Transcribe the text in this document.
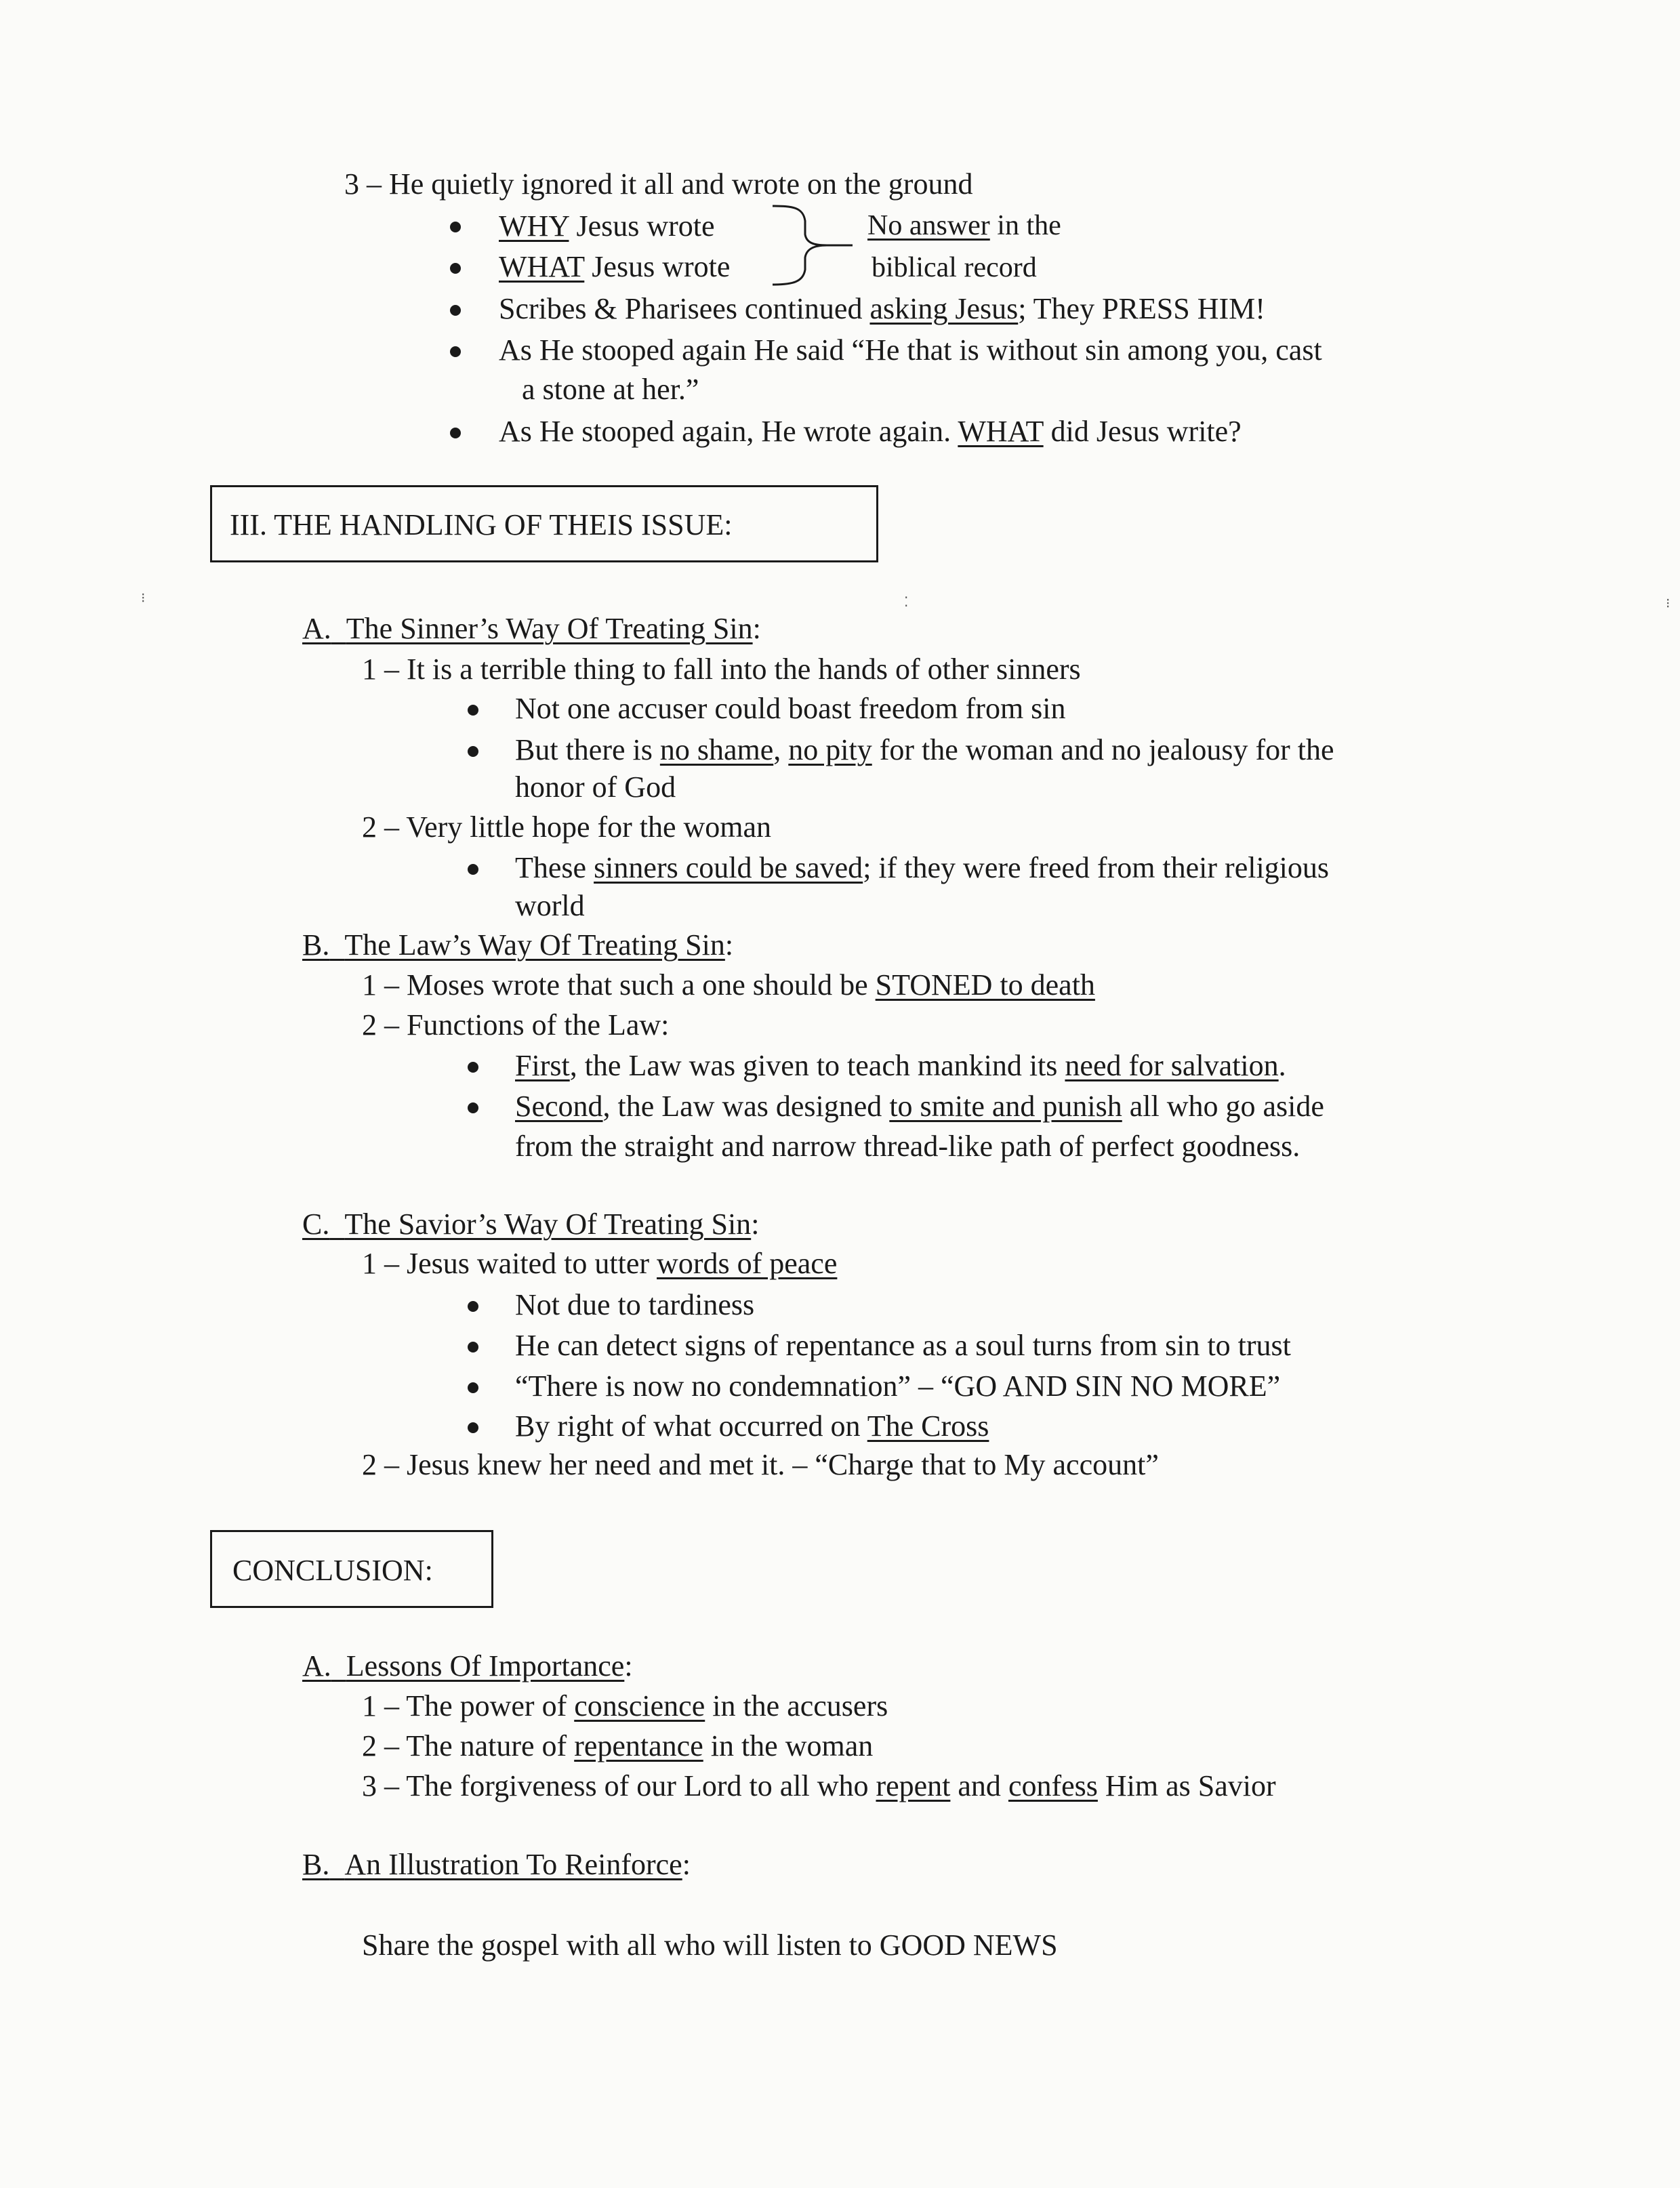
3 – He quietly ignored it all and wrote on the ground
WHY Jesus wrote
WHAT Jesus wrote
No answer in the
biblical record
Scribes & Pharisees continued asking Jesus; They PRESS HIM!
As He stooped again He said “He that is without sin among you, cast
a stone at her.”
As He stooped again, He wrote again. WHAT did Jesus write?
III. THE HANDLING OF THEIS ISSUE:
A. The Sinner’s Way Of Treating Sin:
1 – It is a terrible thing to fall into the hands of other sinners
Not one accuser could boast freedom from sin
But there is no shame, no pity for the woman and no jealousy for the
honor of God
2 – Very little hope for the woman
These sinners could be saved; if they were freed from their religious
world
B. The Law’s Way Of Treating Sin:
1 – Moses wrote that such a one should be STONED to death
2 – Functions of the Law:
First, the Law was given to teach mankind its need for salvation.
Second, the Law was designed to smite and punish all who go aside
from the straight and narrow thread-like path of perfect goodness.
C. The Savior’s Way Of Treating Sin:
1 – Jesus waited to utter words of peace
Not due to tardiness
He can detect signs of repentance as a soul turns from sin to trust
“There is now no condemnation” – “GO AND SIN NO MORE”
By right of what occurred on The Cross
2 – Jesus knew her need and met it. – “Charge that to My account”
CONCLUSION:
A. Lessons Of Importance:
1 – The power of conscience in the accusers
2 – The nature of repentance in the woman
3 – The forgiveness of our Lord to all who repent and confess Him as Savior
B. An Illustration To Reinforce:
Share the gospel with all who will listen to GOOD NEWS
⁝	⁝
⁚
